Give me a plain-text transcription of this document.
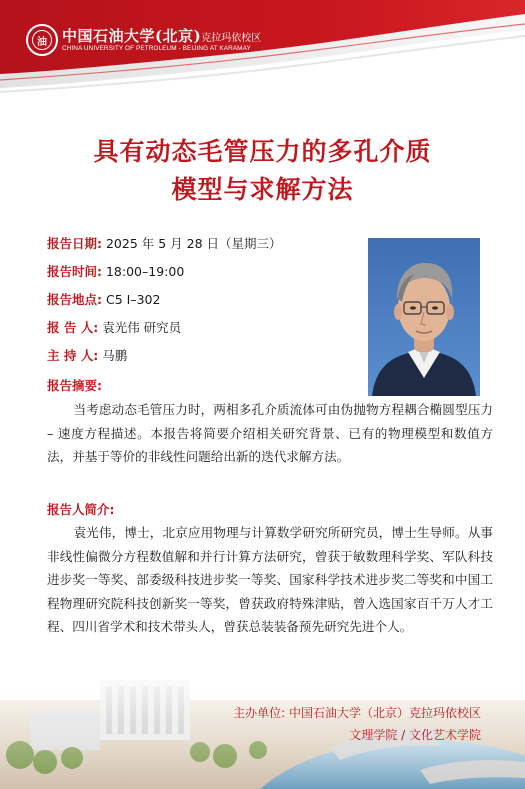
油	中国石油大学(北京)克拉玛依校区
CHINA UNIVERSITY OF PETROLEUM - BEIJING AT KARAMAY
具有动态毛管压力的多孔介质
模型与求解方法
报告日期: 2025 年 5 月 28 日（星期三）
报告时间: 18:00–19:00
报告地点: C5 I–302
报 告 人: 袁光伟 研究员
主 持 人: 马鹏
报告摘要:
当考虑动态毛管压力时，两相多孔介质流体可由伪抛物方程耦合椭圆型压力 – 速度方程描述。本报告将简要介绍相关研究背景、已有的物理模型和数值方法，并基于等价的非线性问题给出新的迭代求解方法。
报告人简介:
袁光伟，博士，北京应用物理与计算数学研究所研究员，博士生导师。从事非线性偏微分方程数值解和并行计算方法研究，曾获于敏数理科学奖、军队科技进步奖一等奖、部委级科技进步奖一等奖、国家科学技术进步奖二等奖和中国工程物理研究院科技创新奖一等奖，曾获政府特殊津贴，曾入选国家百千万人才工程、四川省学术和技术带头人，曾获总装装备预先研究先进个人。
主办单位: 中国石油大学（北京）克拉玛依校区
文理学院 / 文化艺术学院
